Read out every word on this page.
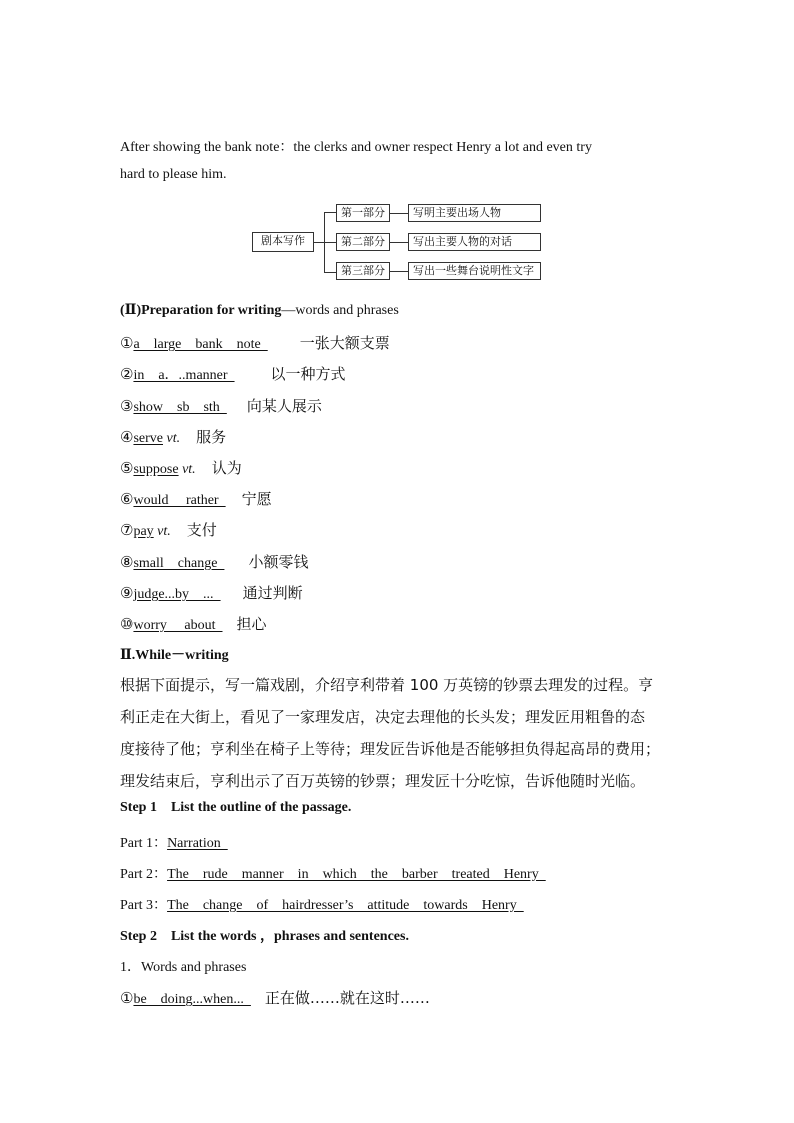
After showing the bank note：the clerks and owner respect Henry a lot and even try
hard to please him.
剧本写作
第一部分	写明主要出场人物
第二部分	写出主要人物的对话
第三部分	写出一些舞台说明性文字
(Ⅱ)Preparation for writing—words and phrases
①a    large    bank    note  一张大额支票
②in    a．..manner  以一种方式
③show    sb    sth  向某人展示
④serve vt. 服务
⑤suppose vt. 认为
⑥would     rather  宁愿
⑦pay vt. 支付
⑧small    change  小额零钱
⑨judge...by    ...  通过判断
⑩worry     about  担心
Ⅱ.While－writing
根据下面提示，写一篇戏剧，介绍亨利带着 100 万英镑的钞票去理发的过程。亨
利正走在大街上，看见了一家理发店，决定去理他的长头发；理发匠用粗鲁的态
度接待了他；亨利坐在椅子上等待；理发匠告诉他是否能够担负得起高昂的费用；
理发结束后，亨利出示了百万英镑的钞票；理发匠十分吃惊，告诉他随时光临。
Step 1    List the outline of the passage.
Part 1：Narration
Part 2：The    rude    manner    in    which    the    barber    treated    Henry
Part 3：The    change    of    hairdresser’s    attitude    towards    Henry
Step 2    List the words ，phrases and sentences.
1．Words and phrases
①be    doing...when...  正在做……就在这时……
